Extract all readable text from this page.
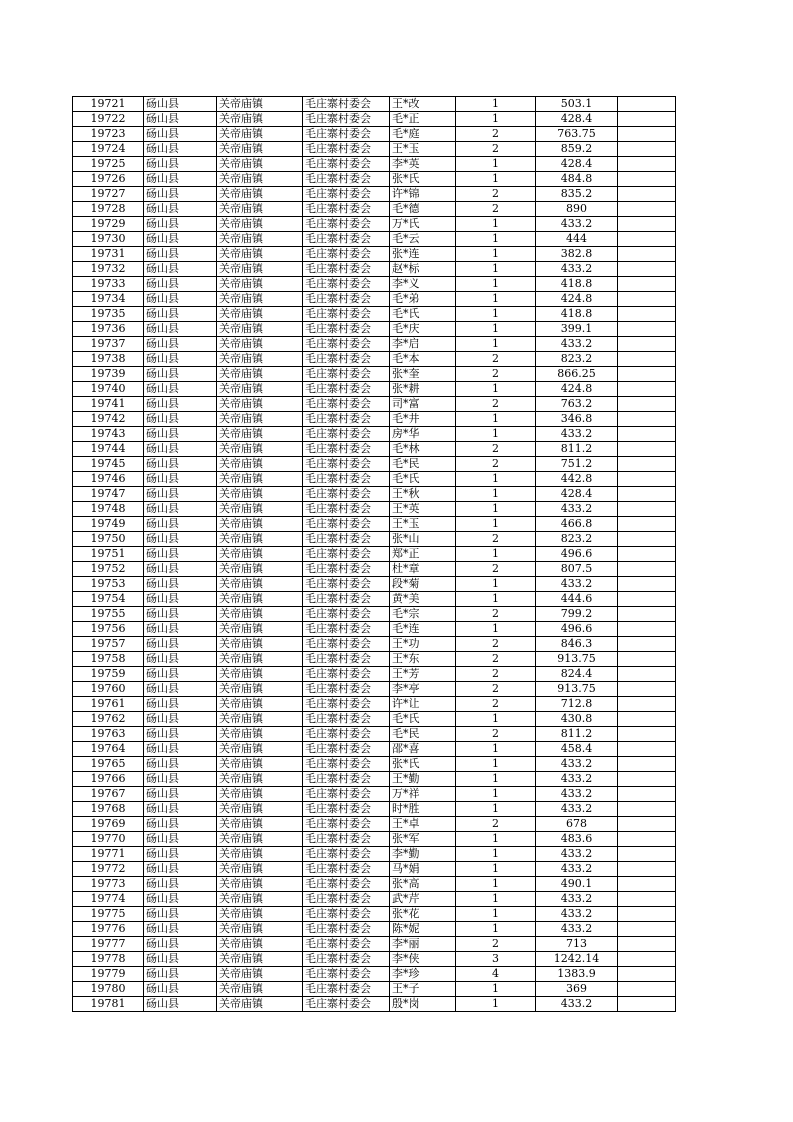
19721	砀山县	关帝庙镇	毛庄寨村委会	王*改	1	503.1	
19722	砀山县	关帝庙镇	毛庄寨村委会	毛*正	1	428.4	
19723	砀山县	关帝庙镇	毛庄寨村委会	毛*庭	2	763.75	
19724	砀山县	关帝庙镇	毛庄寨村委会	王*玉	2	859.2	
19725	砀山县	关帝庙镇	毛庄寨村委会	李*英	1	428.4	
19726	砀山县	关帝庙镇	毛庄寨村委会	张*氏	1	484.8	
19727	砀山县	关帝庙镇	毛庄寨村委会	许*锦	2	835.2	
19728	砀山县	关帝庙镇	毛庄寨村委会	毛*德	2	890	
19729	砀山县	关帝庙镇	毛庄寨村委会	万*氏	1	433.2	
19730	砀山县	关帝庙镇	毛庄寨村委会	毛*云	1	444	
19731	砀山县	关帝庙镇	毛庄寨村委会	张*连	1	382.8	
19732	砀山县	关帝庙镇	毛庄寨村委会	赵*标	1	433.2	
19733	砀山县	关帝庙镇	毛庄寨村委会	李*义	1	418.8	
19734	砀山县	关帝庙镇	毛庄寨村委会	毛*弟	1	424.8	
19735	砀山县	关帝庙镇	毛庄寨村委会	毛*氏	1	418.8	
19736	砀山县	关帝庙镇	毛庄寨村委会	毛*庆	1	399.1	
19737	砀山县	关帝庙镇	毛庄寨村委会	李*启	1	433.2	
19738	砀山县	关帝庙镇	毛庄寨村委会	毛*本	2	823.2	
19739	砀山县	关帝庙镇	毛庄寨村委会	张*奎	2	866.25	
19740	砀山县	关帝庙镇	毛庄寨村委会	张*耕	1	424.8	
19741	砀山县	关帝庙镇	毛庄寨村委会	司*富	2	763.2	
19742	砀山县	关帝庙镇	毛庄寨村委会	毛*井	1	346.8	
19743	砀山县	关帝庙镇	毛庄寨村委会	房*华	1	433.2	
19744	砀山县	关帝庙镇	毛庄寨村委会	毛*林	2	811.2	
19745	砀山县	关帝庙镇	毛庄寨村委会	毛*民	2	751.2	
19746	砀山县	关帝庙镇	毛庄寨村委会	毛*氏	1	442.8	
19747	砀山县	关帝庙镇	毛庄寨村委会	王*秋	1	428.4	
19748	砀山县	关帝庙镇	毛庄寨村委会	王*英	1	433.2	
19749	砀山县	关帝庙镇	毛庄寨村委会	王*玉	1	466.8	
19750	砀山县	关帝庙镇	毛庄寨村委会	张*山	2	823.2	
19751	砀山县	关帝庙镇	毛庄寨村委会	郑*正	1	496.6	
19752	砀山县	关帝庙镇	毛庄寨村委会	杜*章	2	807.5	
19753	砀山县	关帝庙镇	毛庄寨村委会	段*菊	1	433.2	
19754	砀山县	关帝庙镇	毛庄寨村委会	黄*美	1	444.6	
19755	砀山县	关帝庙镇	毛庄寨村委会	毛*宗	2	799.2	
19756	砀山县	关帝庙镇	毛庄寨村委会	毛*连	1	496.6	
19757	砀山县	关帝庙镇	毛庄寨村委会	王*功	2	846.3	
19758	砀山县	关帝庙镇	毛庄寨村委会	王*东	2	913.75	
19759	砀山县	关帝庙镇	毛庄寨村委会	王*芳	2	824.4	
19760	砀山县	关帝庙镇	毛庄寨村委会	李*亭	2	913.75	
19761	砀山县	关帝庙镇	毛庄寨村委会	许*让	2	712.8	
19762	砀山县	关帝庙镇	毛庄寨村委会	毛*氏	1	430.8	
19763	砀山县	关帝庙镇	毛庄寨村委会	毛*民	2	811.2	
19764	砀山县	关帝庙镇	毛庄寨村委会	邵*喜	1	458.4	
19765	砀山县	关帝庙镇	毛庄寨村委会	张*氏	1	433.2	
19766	砀山县	关帝庙镇	毛庄寨村委会	王*勤	1	433.2	
19767	砀山县	关帝庙镇	毛庄寨村委会	万*祥	1	433.2	
19768	砀山县	关帝庙镇	毛庄寨村委会	时*胜	1	433.2	
19769	砀山县	关帝庙镇	毛庄寨村委会	王*卓	2	678	
19770	砀山县	关帝庙镇	毛庄寨村委会	张*军	1	483.6	
19771	砀山县	关帝庙镇	毛庄寨村委会	李*勤	1	433.2	
19772	砀山县	关帝庙镇	毛庄寨村委会	马*娟	1	433.2	
19773	砀山县	关帝庙镇	毛庄寨村委会	张*高	1	490.1	
19774	砀山县	关帝庙镇	毛庄寨村委会	武*芹	1	433.2	
19775	砀山县	关帝庙镇	毛庄寨村委会	张*花	1	433.2	
19776	砀山县	关帝庙镇	毛庄寨村委会	陈*妮	1	433.2	
19777	砀山县	关帝庙镇	毛庄寨村委会	李*丽	2	713	
19778	砀山县	关帝庙镇	毛庄寨村委会	李*侠	3	1242.14	
19779	砀山县	关帝庙镇	毛庄寨村委会	李*珍	4	1383.9	
19780	砀山县	关帝庙镇	毛庄寨村委会	王*子	1	369	
19781	砀山县	关帝庙镇	毛庄寨村委会	殷*岗	1	433.2	
